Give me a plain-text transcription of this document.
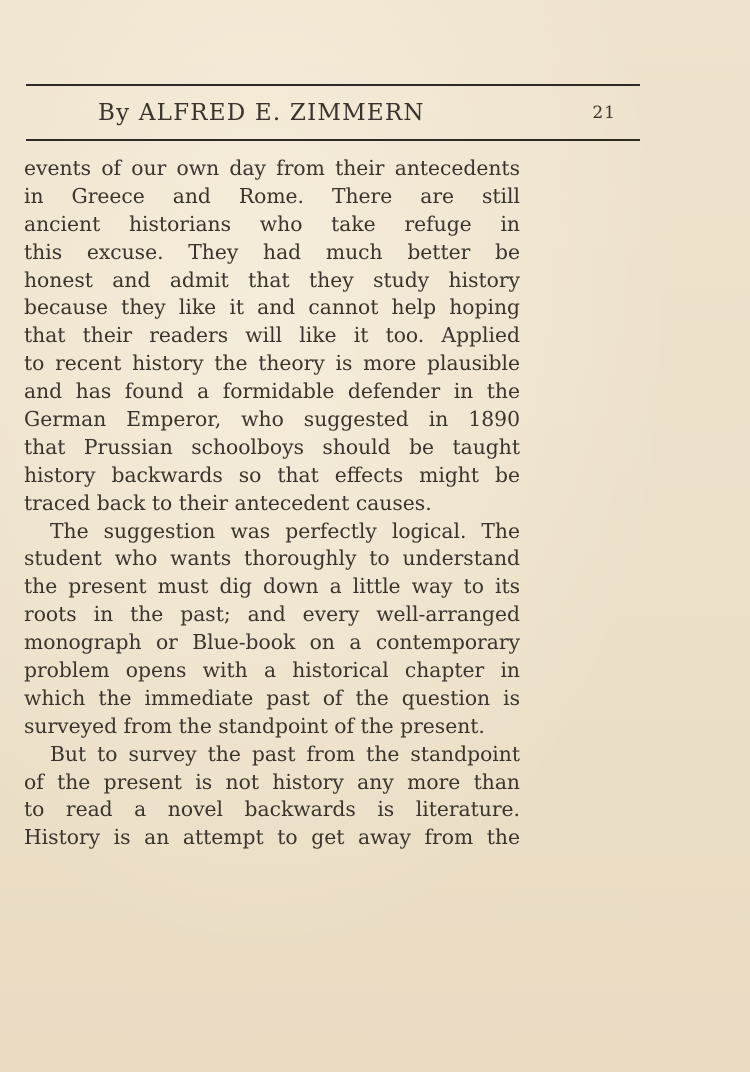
By ALFRED E. ZIMMERN	21
events of our own day from their antecedents
in Greece and Rome. There are still
ancient historians who take refuge in
this excuse. They had much better be
honest and admit that they study history
because they like it and cannot help hoping
that their readers will like it too. Applied
to recent history the theory is more plausible
and has found a formidable defender in the
German Emperor, who suggested in 1890
that Prussian schoolboys should be taught
history backwards so that effects might be
traced back to their antecedent causes.
The suggestion was perfectly logical. The
student who wants thoroughly to understand
the present must dig down a little way to its
roots in the past; and every well-arranged
monograph or Blue-book on a contemporary
problem opens with a historical chapter in
which the immediate past of the question is
surveyed from the standpoint of the present.
But to survey the past from the standpoint
of the present is not history any more than
to read a novel backwards is literature.
History is an attempt to get away from the
